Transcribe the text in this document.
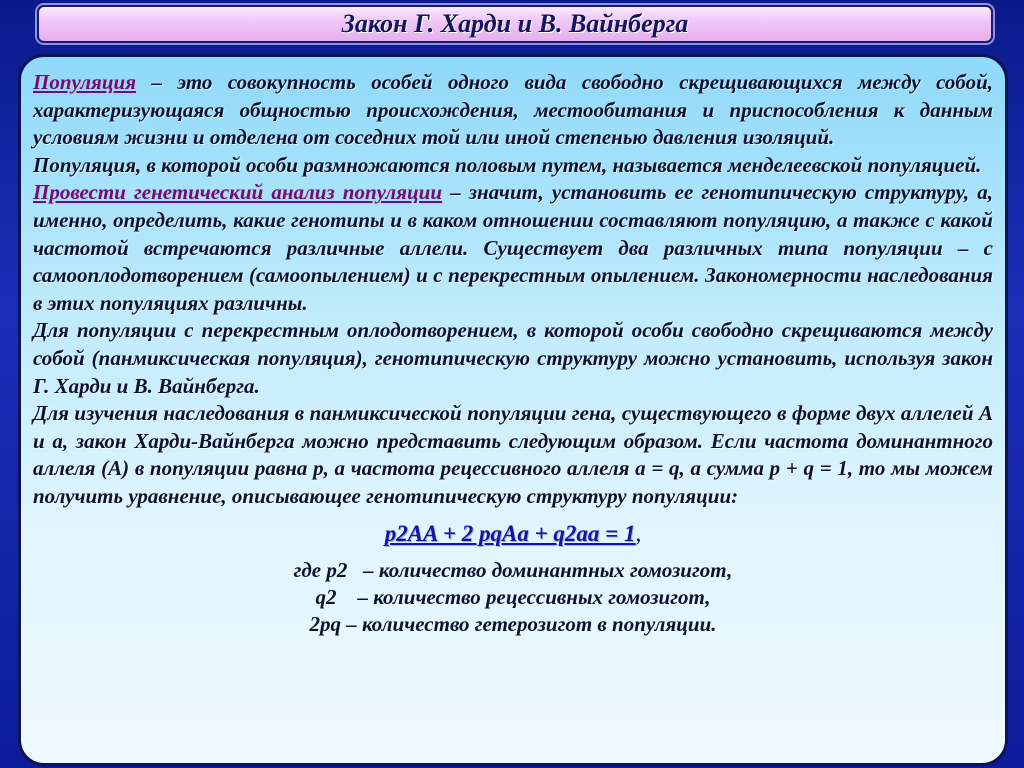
Закон Г. Харди и В. Вайнберга

Популяция – это совокупность особей одного вида свободно скрещивающихся между собой, характеризующаяся общностью происхождения, местообитания и приспособления к данным условиям жизни и отделена от соседних той или иной степенью давления изоляций.

Популяция, в которой особи размножаются половым путем, называется менделеевской популяцией.

Провести генетический анализ популяции – значит, установить ее генотипическую структуру, а, именно, определить, какие генотипы и в каком отношении составляют популяцию, а также с какой частотой встречаются различные аллели. Существует два различных типа популяции – с самооплодотворением (самоопылением) и с перекрестным опылением. Закономерности наследования в этих популяциях различны.

Для популяции с перекрестным оплодотворением, в которой особи свободно скрещиваются между собой (панмиксическая популяция), генотипическую структуру можно установить, используя закон Г. Харди и В. Вайнберга.

Для изучения наследования в панмиксической популяции гена, существующего в форме двух аллелей А и а, закон Харди-Вайнберга можно представить следующим образом. Если частота доминантного аллеля (А) в популяции равна p, а частота рецессивного аллеля а = q, а сумма p + q = 1, то мы можем получить уравнение, описывающее генотипическую структуру популяции:

p2AA + 2 pqAa + q2aa = 1,
где p2   – количество доминантных гомозигот,
q2    – количество рецессивных гомозигот,
2pq – количество гетерозигот в популяции.
